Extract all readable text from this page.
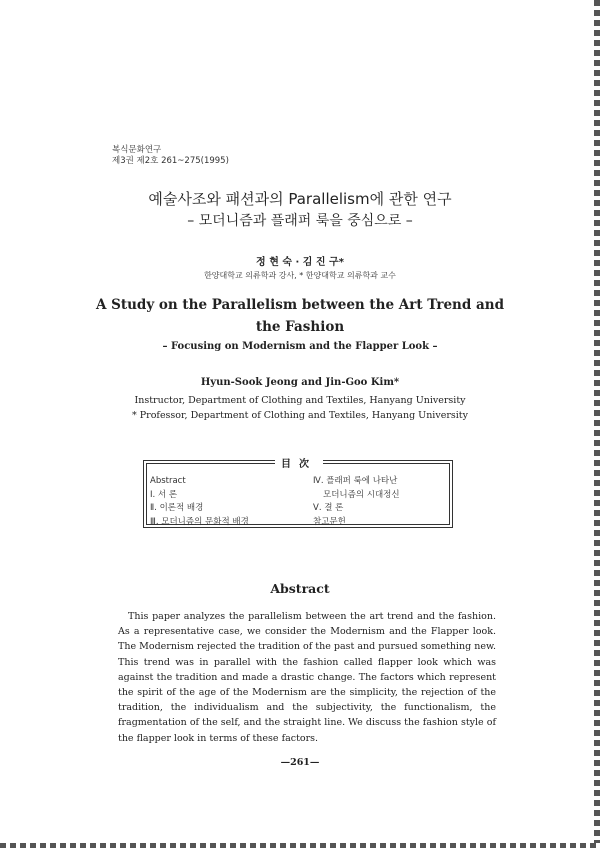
복식문화연구
제3권 제2호 261~275(1995)
예술사조와 패션과의 Parallelism에 관한 연구
– 모더니즘과 플래퍼 룩을 중심으로 –
정 현 숙 · 김 진 구*
한양대학교 의류학과 강사, * 한양대학교 의류학과 교수
A Study on the Parallelism between the Art Trend and
the Fashion
– Focusing on Modernism and the Flapper Look –
Hyun-Sook Jeong and Jin-Goo Kim*
Instructor, Department of Clothing and Textiles, Hanyang University
* Professor, Department of Clothing and Textiles, Hanyang University
目次
Abstract
Ⅰ. 서 론
Ⅱ. 이론적 배경
Ⅲ. 모더니즘의 문화적 배경
Ⅳ. 플래퍼 룩에 나타난
모더니즘의 시대정신
Ⅴ. 결 론
참고문헌
Abstract

This paper analyzes the parallelism between the art trend and the fashion. As a representative case, we consider the Modernism and the Flapper look. The Modernism rejected the tradition of the past and pursued something new. This trend was in parallel with the fashion called flapper look which was against the tradition and made a drastic change. The factors which represent the spirit of the age of the Modernism are the simplicity, the rejection of the tradition, the individualism and the subjectivity, the functionalism, the fragmentation of the self, and the straight line. We discuss the fashion style of the flapper look in terms of these factors.

—261—
